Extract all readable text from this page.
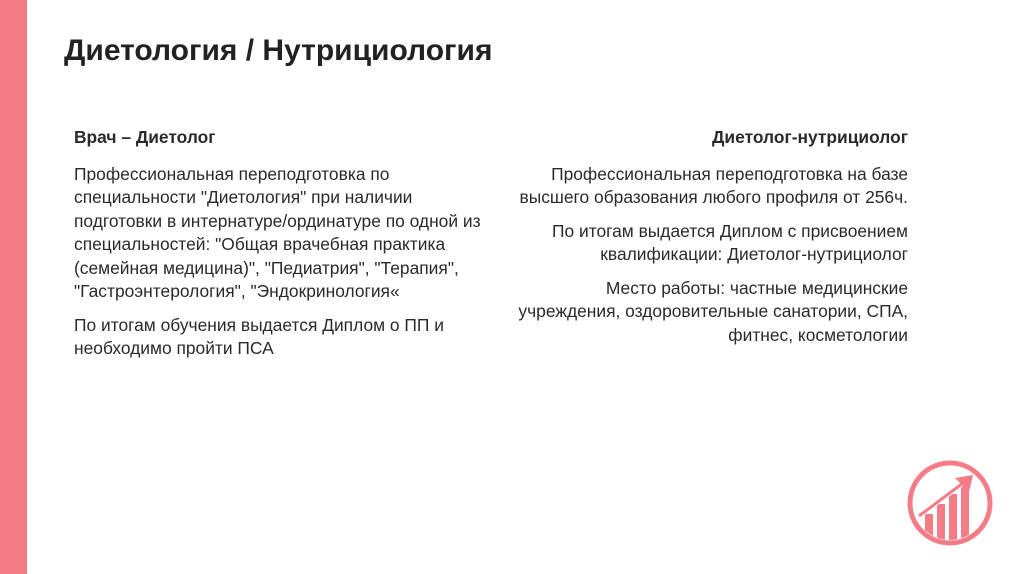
Диетология / Нутрициология

Врач – Диетолог

Профессиональная переподготовка по специальности "Диетология" при наличии подготовки в интернатуре/ординатуре по одной из специальностей: "Общая врачебная практика (семейная медицина)", "Педиатрия", "Терапия", "Гастроэнтерология", "Эндокринология«

По итогам обучения выдается Диплом о ПП и необходимо пройти ПСА

Диетолог-нутрициолог

Профессиональная переподготовка на базе высшего образования любого профиля от 256ч.

По итогам выдается Диплом с присвоением квалификации: Диетолог-нутрициолог

Место работы: частные медицинские учреждения, оздоровительные санатории, СПА, фитнес, косметологии
